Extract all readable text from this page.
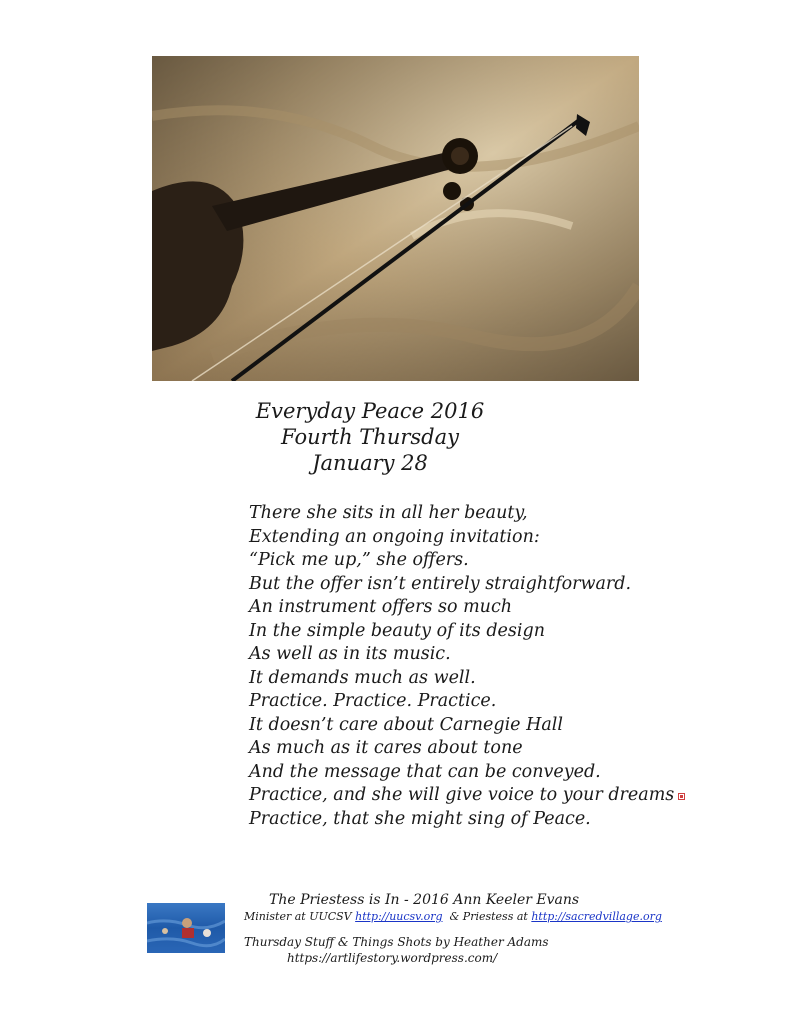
Everyday Peace 2016
Fourth Thursday
January 28
There she sits in all her beauty,
Extending an ongoing invitation:
“Pick me up,” she offers.
But the offer isn’t entirely straightforward.
An instrument offers so much
In the simple beauty of its design
As well as in its music.
It demands much as well.
Practice. Practice. Practice.
It doesn’t care about Carnegie Hall
As much as it cares about tone
And the message that can be conveyed.
Practice, and she will give voice to your dreams
Practice, that she might sing of Peace.
The Priestess is In - 2016 Ann Keeler Evans
Minister at UUCSV http://uucsv.org  & Priestess at http://sacredvillage.org
Thursday Stuff & Things Shots by Heather Adams
https://artlifestory.wordpress.com/
